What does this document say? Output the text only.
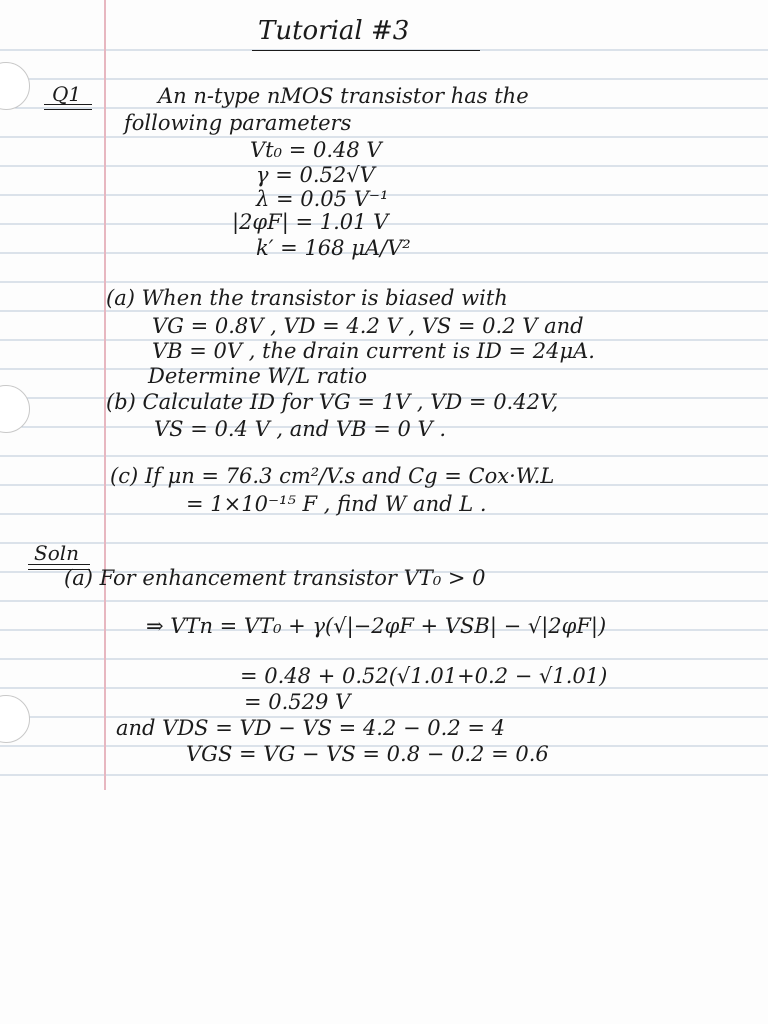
Tutorial #3
Q1	An n-type nMOS transistor has the
following parameters
Vt₀ = 0.48 V
γ = 0.52√V
λ = 0.05 V⁻¹
|2φF| = 1.01 V
k′ = 168 μA/V²
(a) When the transistor is biased with
VG = 0.8V , VD = 4.2 V , VS = 0.2 V and
VB = 0V , the drain current is ID = 24μA.
Determine W/L ratio
(b) Calculate ID for VG = 1V , VD = 0.42V,
VS = 0.4 V , and VB = 0 V .
(c) If μn = 76.3 cm²/V.s and Cg = Cox·W.L
= 1×10⁻¹⁵ F , find W and L .
Soln
(a) For enhancement transistor VT₀ > 0
⇒ VTn = VT₀ + γ(√|−2φF + VSB| − √|2φF|)
= 0.48 + 0.52(√1.01+0.2 − √1.01)
= 0.529 V
and VDS = VD − VS = 4.2 − 0.2 = 4
VGS = VG − VS = 0.8 − 0.2 = 0.6
